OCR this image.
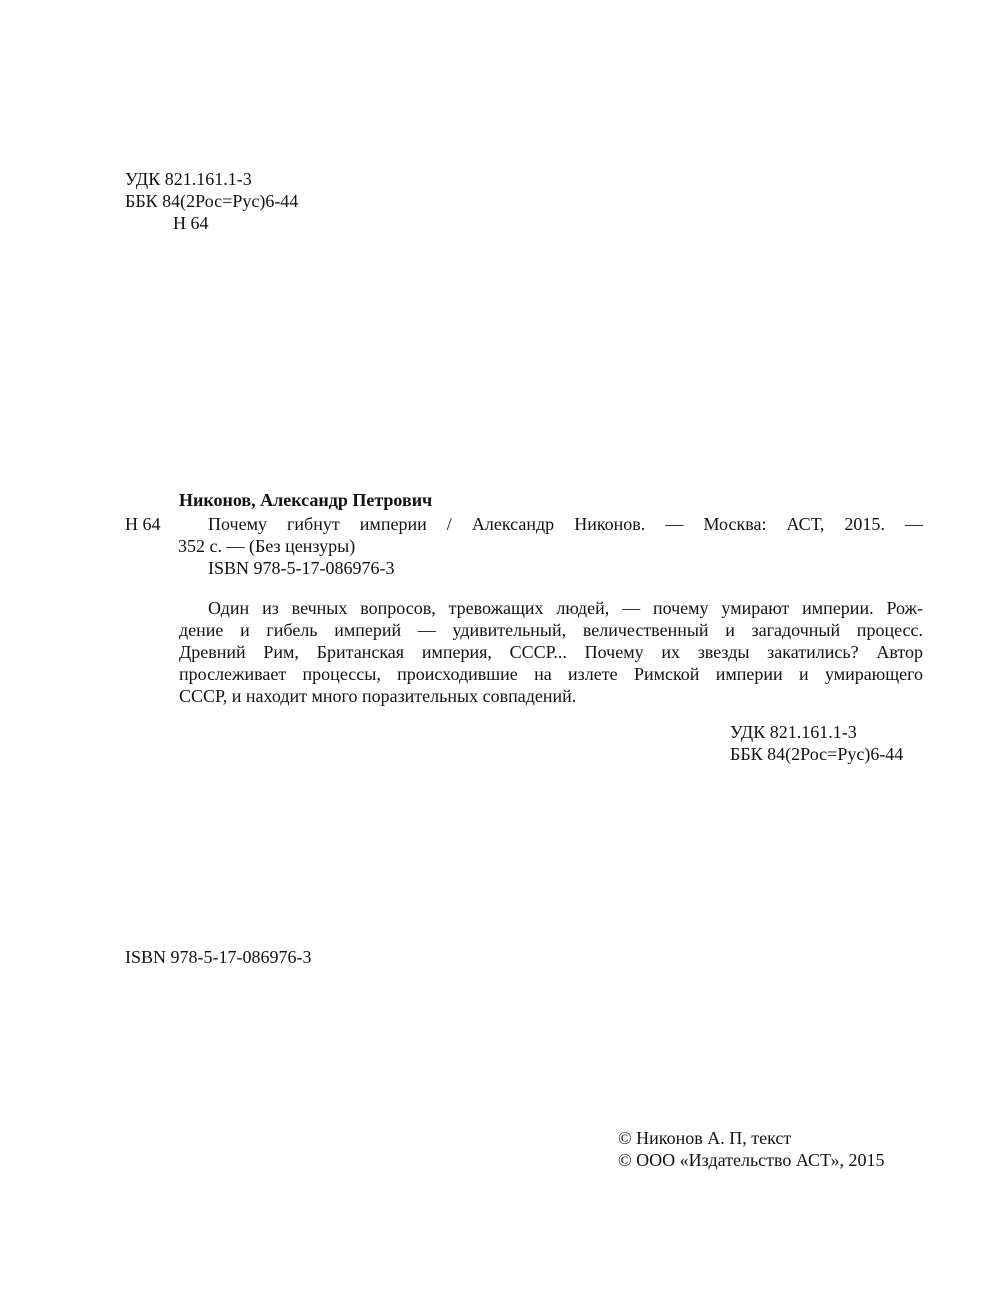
УДК 821.161.1-3
ББК 84(2Рос=Рус)6-44
Н 64
Никонов, Александр Петрович
Н 64	Почему гибнут империи / Александр Никонов. — Москва: АСТ, 2015. —
352 с. — (Без цензуры)
ISBN 978-5-17-086976-3
Один из вечных вопросов, тревожащих людей, — почему умирают империи. Рож-
дение и гибель империй — удивительный, величественный и загадочный процесс.
Древний Рим, Британская империя, СССР... Почему их звезды закатились? Автор
прослеживает процессы, происходившие на излете Римской империи и умирающего
СССР, и находит много поразительных совпадений.
УДК 821.161.1-3
ББК 84(2Рос=Рус)6-44
ISBN 978-5-17-086976-3
© Никонов А. П, текст
© ООО «Издательство АСТ», 2015
